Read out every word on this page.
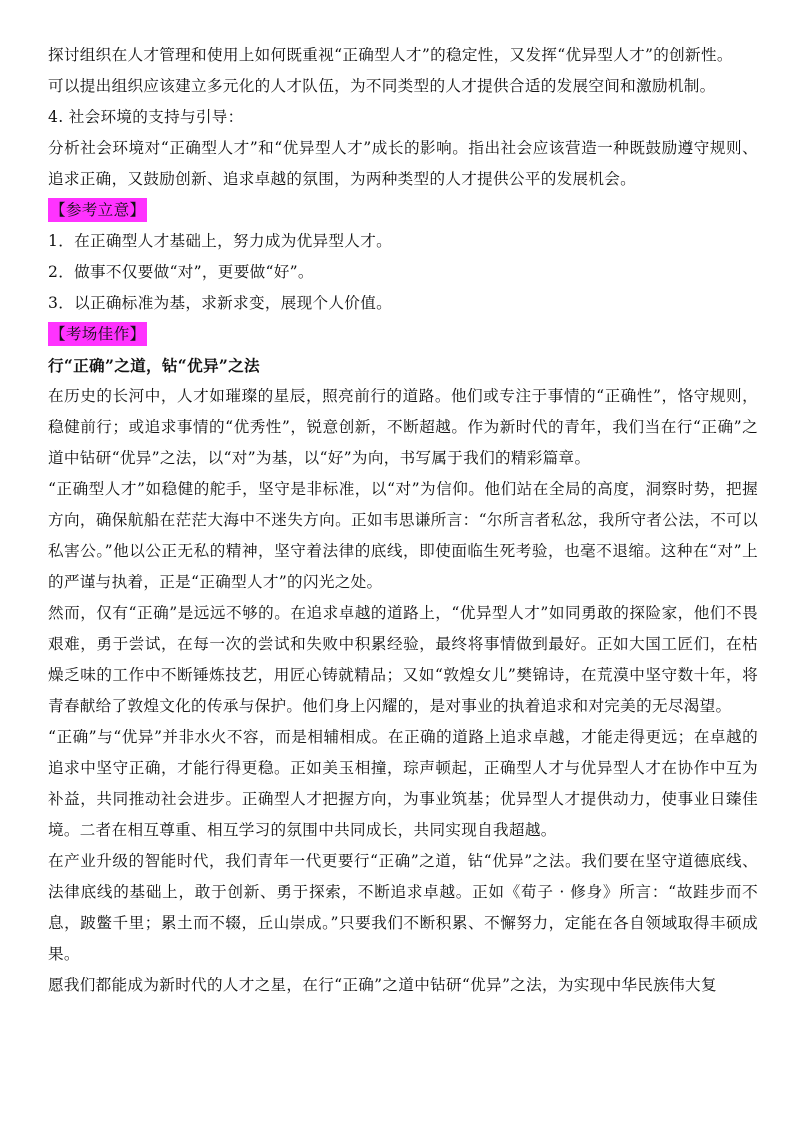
探讨组织在人才管理和使用上如何既重视“正确型人才”的稳定性，又发挥“优异型人才”的创新性。

可以提出组织应该建立多元化的人才队伍，为不同类型的人才提供合适的发展空间和激励机制。

4. 社会环境的支持与引导：

分析社会环境对“正确型人才”和“优异型人才”成长的影响。指出社会应该营造一种既鼓励遵守规则、追求正确，又鼓励创新、追求卓越的氛围，为两种类型的人才提供公平的发展机会。

【参考立意】

1．在正确型人才基础上，努力成为优异型人才。

2．做事不仅要做“对”，更要做“好”。

3．以正确标准为基，求新求变，展现个人价值。

【考场佳作】

行“正确”之道，钻“优异”之法

在历史的长河中，人才如璀璨的星辰，照亮前行的道路。他们或专注于事情的“正确性”，恪守规则，稳健前行；或追求事情的“优秀性”，锐意创新，不断超越。作为新时代的青年，我们当在行“正确”之道中钻研“优异”之法，以“对”为基，以“好”为向，书写属于我们的精彩篇章。

“正确型人才”如稳健的舵手，坚守是非标准，以“对”为信仰。他们站在全局的高度，洞察时势，把握方向，确保航船在茫茫大海中不迷失方向。正如韦思谦所言：“尔所言者私忿，我所守者公法，不可以私害公。”他以公正无私的精神，坚守着法律的底线，即使面临生死考验，也毫不退缩。这种在“对”上的严谨与执着，正是“正确型人才”的闪光之处。

然而，仅有“正确”是远远不够的。在追求卓越的道路上，“优异型人才”如同勇敢的探险家，他们不畏艰难，勇于尝试，在每一次的尝试和失败中积累经验，最终将事情做到最好。正如大国工匠们，在枯燥乏味的工作中不断锤炼技艺，用匠心铸就精品；又如“敦煌女儿”樊锦诗，在荒漠中坚守数十年，将青春献给了敦煌文化的传承与保护。他们身上闪耀的，是对事业的执着追求和对完美的无尽渴望。

“正确”与“优异”并非水火不容，而是相辅相成。在正确的道路上追求卓越，才能走得更远；在卓越的追求中坚守正确，才能行得更稳。正如美玉相撞，琮声顿起，正确型人才与优异型人才在协作中互为补益，共同推动社会进步。正确型人才把握方向，为事业筑基；优异型人才提供动力，使事业日臻佳境。二者在相互尊重、相互学习的氛围中共同成长，共同实现自我超越。

在产业升级的智能时代，我们青年一代更要行“正确”之道，钻“优异”之法。我们要在坚守道德底线、法律底线的基础上，敢于创新、勇于探索，不断追求卓越。正如《荀子 · 修身》所言：“故跬步而不息，跛鳖千里；累土而不辍，丘山崇成。”只要我们不断积累、不懈努力，定能在各自领域取得丰硕成果。

愿我们都能成为新时代的人才之星，在行“正确”之道中钻研“优异”之法，为实现中华民族伟大复
